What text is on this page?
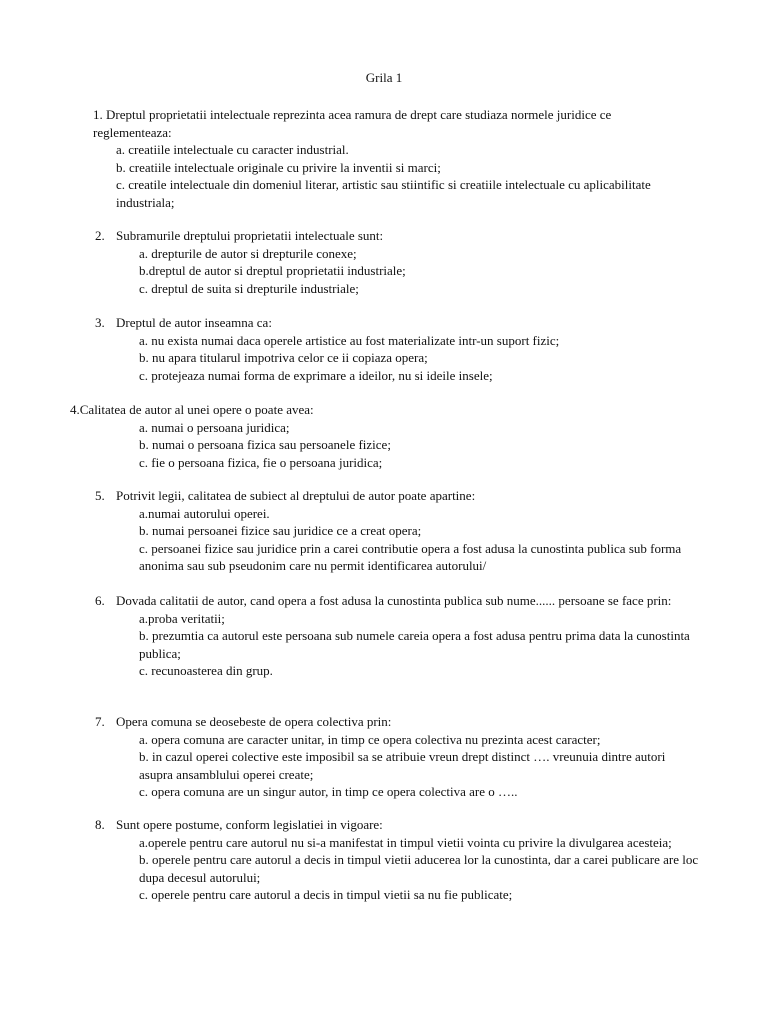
Grila 1
1. Dreptul proprietatii intelectuale reprezinta acea ramura de drept care studiaza normele juridice ce reglementeaza:
a. creatiile intelectuale cu caracter industrial.
b. creatiile intelectuale originale cu privire la inventii si marci;
c. creatile intelectuale din domeniul literar, artistic sau stiintific si creatiile intelectuale cu aplicabilitate industriala;
2. Subramurile dreptului proprietatii intelectuale sunt:
a. drepturile de autor si drepturile conexe;
b.dreptul de autor si dreptul proprietatii industriale;
c. dreptul de suita si drepturile industriale;
3. Dreptul de autor inseamna ca:
a. nu exista numai daca operele artistice au fost materializate intr-un suport fizic;
b. nu apara titularul impotriva celor ce ii copiaza opera;
c. protejeaza numai forma de exprimare a ideilor, nu si ideile insele;
4.Calitatea de autor al unei opere o poate avea:
a. numai o persoana juridica;
b. numai o persoana fizica sau persoanele fizice;
c. fie o persoana fizica, fie o persoana juridica;
5. Potrivit legii, calitatea de subiect al dreptului de autor poate apartine:
a.numai autorului operei.
b. numai persoanei fizice sau juridice ce a creat opera;
c. persoanei fizice sau juridice prin a carei contributie opera a fost adusa la cunostinta publica sub forma anonima sau sub pseudonim care nu permit identificarea autorului/
6. Dovada calitatii de autor, cand opera a fost adusa la cunostinta publica sub nume...... persoane se face prin:
a.proba veritatii;
b. prezumtia ca autorul este persoana sub numele careia opera a fost adusa pentru prima data la cunostinta publica;
c. recunoasterea din grup.
7. Opera comuna se deosebeste de opera colectiva prin:
a. opera comuna are caracter unitar, in timp ce opera colectiva nu prezinta acest caracter;
b. in cazul operei colective este imposibil sa se atribuie vreun drept distinct …. vreunuia dintre autori asupra ansamblului operei create;
c. opera comuna are un singur autor, in timp ce opera colectiva are o …..
8. Sunt opere postume, conform legislatiei in vigoare:
a.operele pentru care autorul nu si-a manifestat in timpul vietii vointa cu privire la divulgarea acesteia;
b. operele pentru care autorul a decis in timpul vietii aducerea lor la cunostinta, dar a carei publicare are loc dupa decesul autorului;
c. operele pentru care autorul a decis in timpul vietii sa nu fie publicate;
